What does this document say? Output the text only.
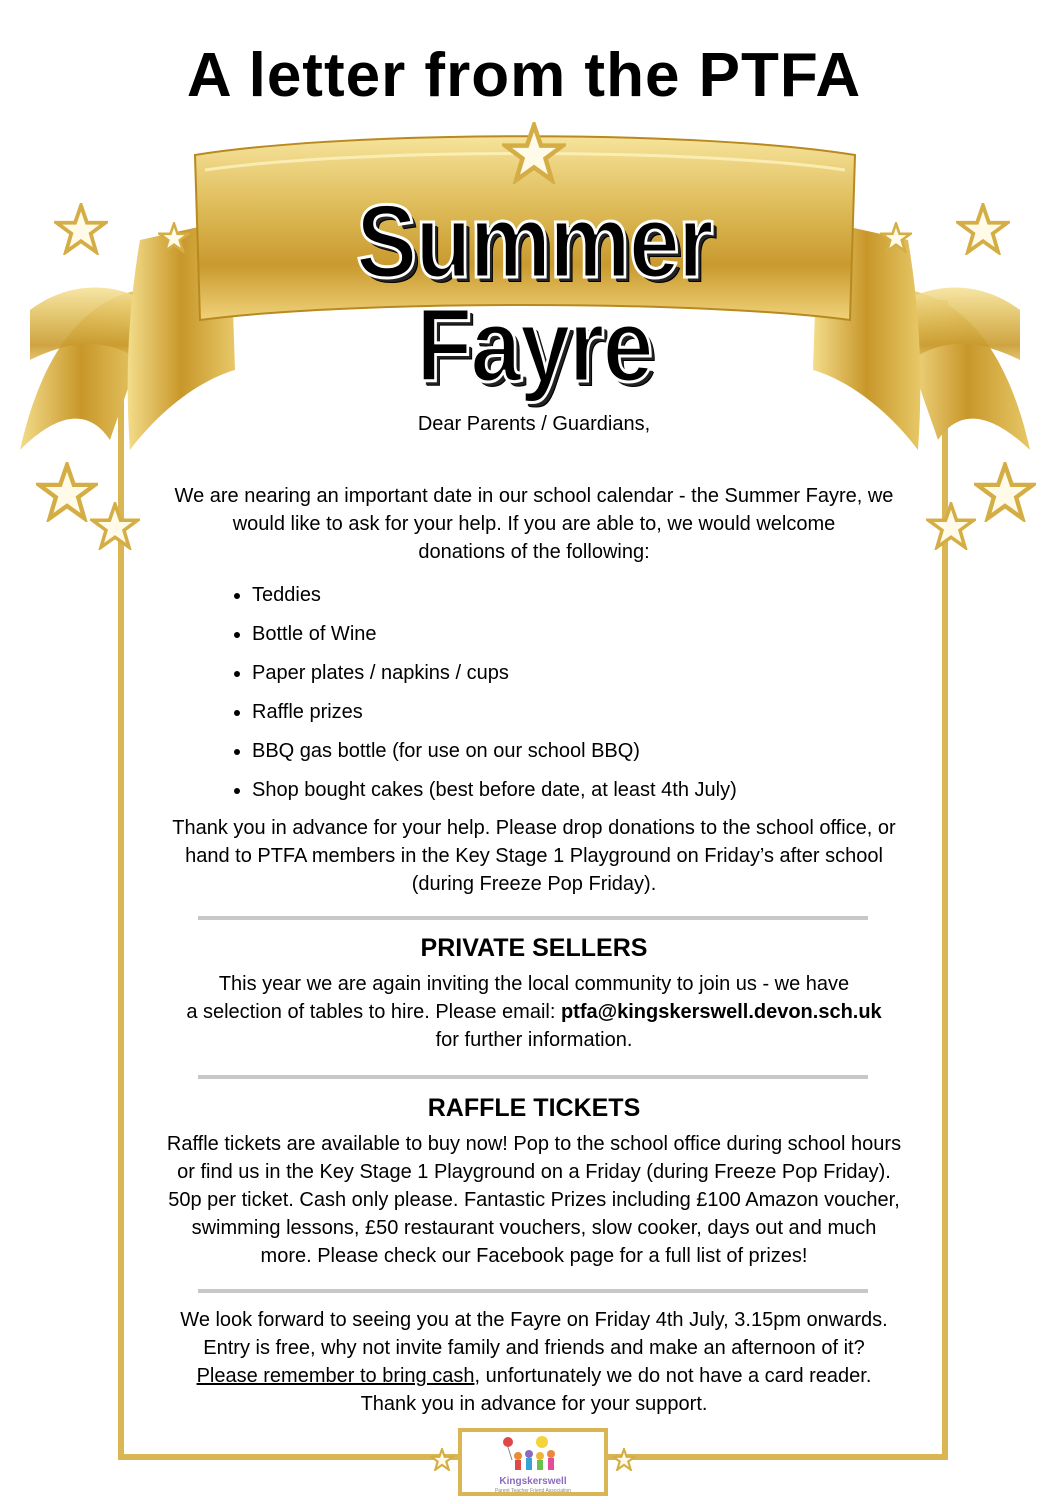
A letter from the PTFA
Summer Fayre

Dear Parents / Guardians,

We are nearing an important date in our school calendar - the Summer Fayre, we

would like to ask for your help. If you are able to, we would welcome

donations of the following:

• Teddies
• Bottle of Wine
• Paper plates / napkins / cups
• Raffle prizes
• BBQ gas bottle (for use on our school BBQ)
• Shop bought cakes (best before date, at least 4th July)

Thank you in advance for your help. Please drop donations to the school office, or

hand to PTFA members in the Key Stage 1 Playground on Friday’s after school

(during Freeze Pop Friday).

PRIVATE SELLERS

This year we are again inviting the local community to join us - we have

a selection of tables to hire. Please email: ptfa@kingskerswell.devon.sch.uk

for further information.

RAFFLE TICKETS

Raffle tickets are available to buy now! Pop to the school office during school hours

or find us in the Key Stage 1 Playground on a Friday (during Freeze Pop Friday).

50p per ticket. Cash only please. Fantastic Prizes including £100 Amazon voucher,

swimming lessons, £50 restaurant vouchers, slow cooker, days out and much

more. Please check our Facebook page for a full list of prizes!

We look forward to seeing you at the Fayre on Friday 4th July, 3.15pm onwards.

Entry is free, why not invite family and friends and make an afternoon of it?

Please remember to bring cash, unfortunately we do not have a card reader.

Thank you in advance for your support.

Kingskerswell
Parent Teacher Friend Association
